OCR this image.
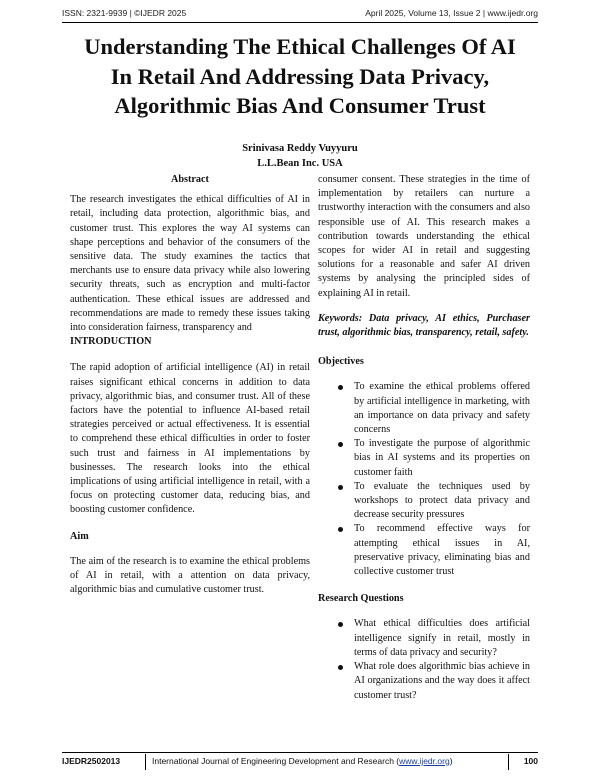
ISSN: 2321-9939 | ©IJEDR 2025	April 2025, Volume 13, Issue 2 | www.ijedr.org
Understanding The Ethical Challenges Of AI
In Retail And Addressing Data Privacy,
Algorithmic Bias And Consumer Trust
Srinivasa Reddy Vuyyuru
L.L.Bean Inc. USA
Abstract

The research investigates the ethical difficulties of AI in retail, including data protection, algorithmic bias, and customer trust. This explores the way AI systems can shape perceptions and behavior of the consumers of the sensitive data. The study examines the tactics that merchants use to ensure data privacy while also lowering security threats, such as encryption and multi-factor authentication. These ethical issues are addressed and recommendations are made to remedy these issues taking into consideration fairness, transparency and

INTRODUCTION

The rapid adoption of artificial intelligence (AI) in retail raises significant ethical concerns in addition to data privacy, algorithmic bias, and consumer trust. All of these factors have the potential to influence AI-based retail strategies perceived or actual effectiveness. It is essential to comprehend these ethical difficulties in order to foster such trust and fairness in AI implementations by businesses. The research looks into the ethical implications of using artificial intelligence in retail, with a focus on protecting customer data, reducing bias, and boosting customer confidence.

Aim

The aim of the research is to examine the ethical problems of AI in retail, with a attention on data privacy, algorithmic bias and cumulative customer trust.

consumer consent. These strategies in the time of implementation by retailers can nurture a trustworthy interaction with the consumers and also responsible use of AI. This research makes a contribution towards understanding the ethical scopes for wider AI in retail and suggesting solutions for a reasonable and safer AI driven systems by analysing the principled sides of explaining AI in retail.

Keywords: Data privacy, AI ethics, Purchaser trust, algorithmic bias, transparency, retail, safety.

Objectives
To examine the ethical problems offered by artificial intelligence in marketing, with an importance on data privacy and safety concerns
To investigate the purpose of algorithmic bias in AI systems and its properties on customer faith
To evaluate the techniques used by workshops to protect data privacy and decrease security pressures
To recommend effective ways for attempting ethical issues in AI, preservative privacy, eliminating bias and collective customer trust
Research Questions
What ethical difficulties does artificial intelligence signify in retail, mostly in terms of data privacy and security?
What role does algorithmic bias achieve in AI organizations and the way does it affect customer trust?
IJEDR2502013	International Journal of Engineering Development and Research (www.ijedr.org)	100
